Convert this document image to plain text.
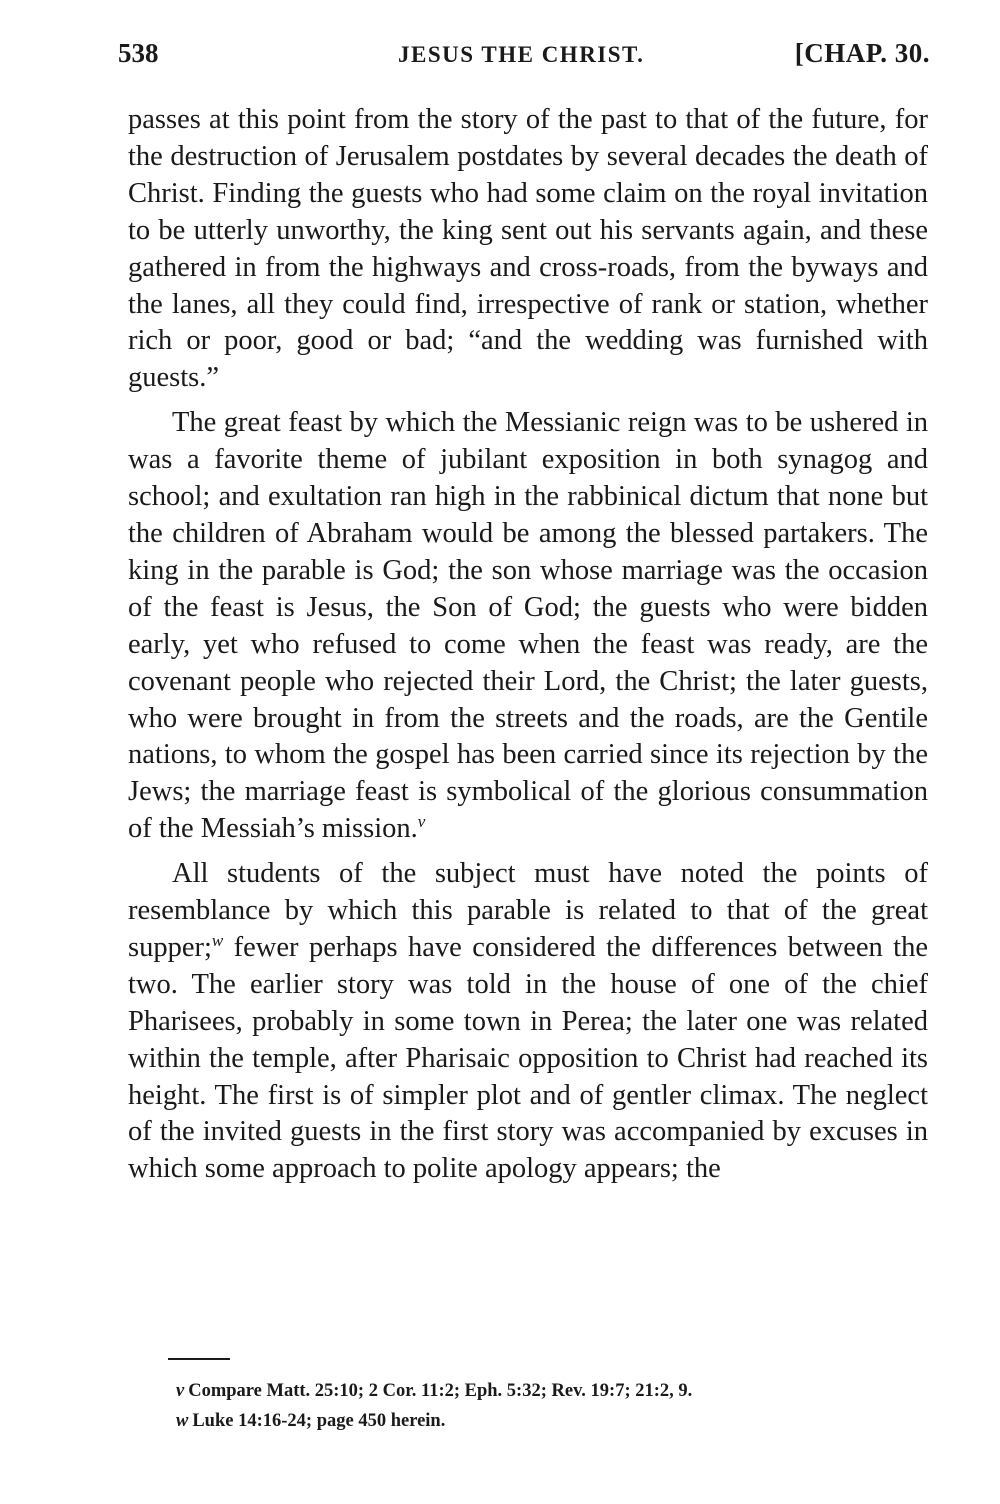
538	JESUS THE CHRIST.	[CHAP. 30.

passes at this point from the story of the past to that of the future, for the destruction of Jerusalem postdates by several decades the death of Christ. Finding the guests who had some claim on the royal invitation to be utterly unworthy, the king sent out his servants again, and these gathered in from the highways and cross-roads, from the byways and the lanes, all they could find, irrespective of rank or station, whether rich or poor, good or bad; “and the wedding was furnished with guests.”

The great feast by which the Messianic reign was to be ushered in was a favorite theme of jubilant exposition in both synagog and school; and exultation ran high in the rabbinical dictum that none but the children of Abraham would be among the blessed partakers. The king in the parable is God; the son whose marriage was the occasion of the feast is Jesus, the Son of God; the guests who were bidden early, yet who refused to come when the feast was ready, are the covenant people who rejected their Lord, the Christ; the later guests, who were brought in from the streets and the roads, are the Gentile nations, to whom the gospel has been carried since its rejection by the Jews; the marriage feast is symbolical of the glorious consummation of the Messiah’s mission.$^v$

All students of the subject must have noted the points of resemblance by which this parable is related to that of the great supper;$^w$ fewer perhaps have considered the differences between the two. The earlier story was told in the house of one of the chief Pharisees, probably in some town in Perea; the later one was related within the temple, after Pharisaic opposition to Christ had reached its height. The first is of simpler plot and of gentler climax. The neglect of the invited guests in the first story was accompanied by excuses in which some approach to polite apology appears; the

v Compare Matt. 25:10; 2 Cor. 11:2; Eph. 5:32; Rev. 19:7; 21:2, 9.
w Luke 14:16-24; page 450 herein.
